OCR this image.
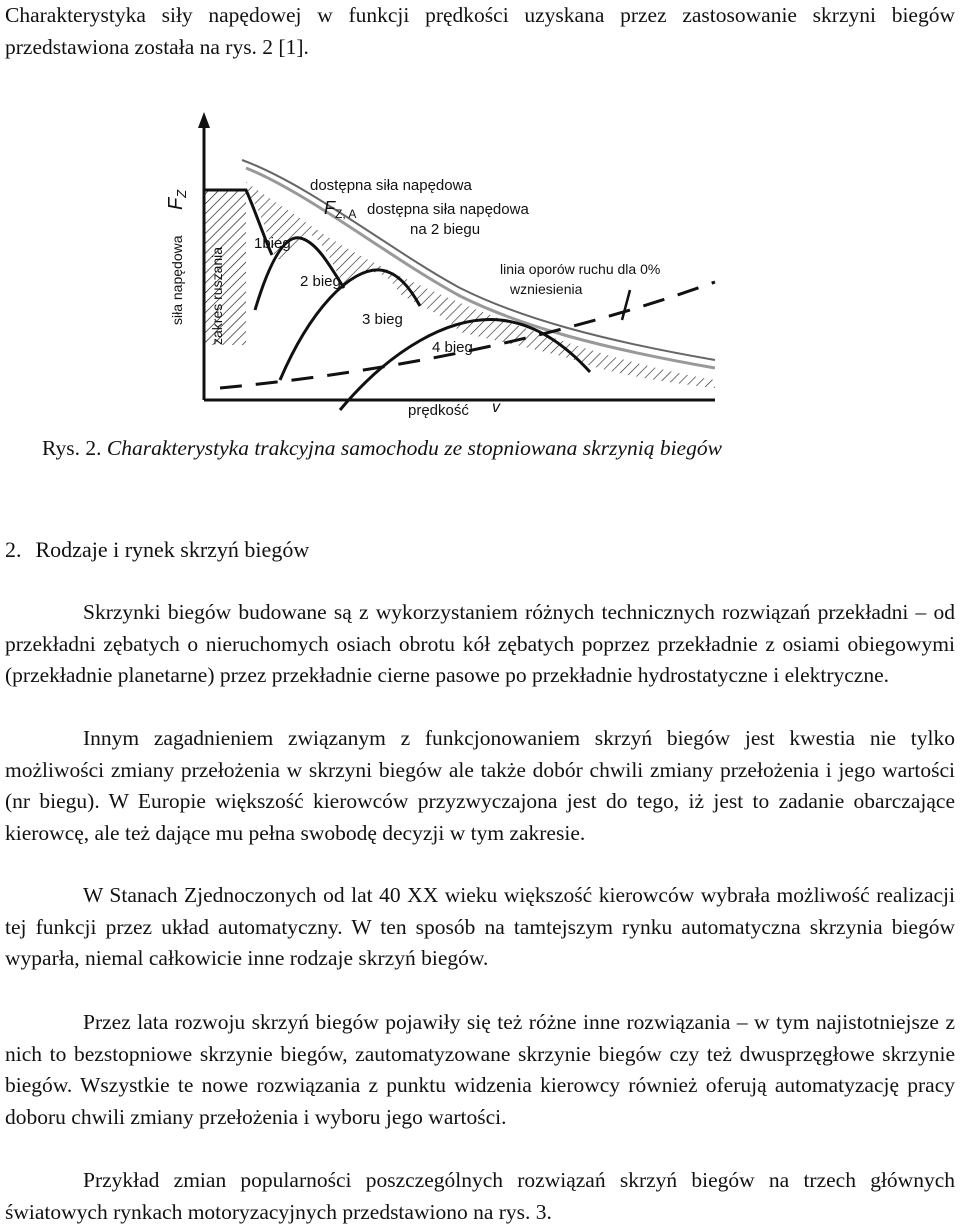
Charakterystyka siły napędowej w funkcji prędkości uzyskana przez zastosowanie skrzyni biegów przedstawiona została na rys. 2 [1].

$F_Z$
siła napędowa zakres ruszania
dostępna siła napędowa
$F_{Z, A}$ dostępna siła napędowa
na 2 biegu
linia oporów ruchu dla 0%
wzniesienia
1bieg
2 bieg
3 bieg
4 bieg
prędkość v

Rys. 2. Charakterystyka trakcyjna samochodu ze stopniowana skrzynią biegów

2. Rodzaje i rynek skrzyń biegów

Skrzynki biegów budowane są z wykorzystaniem różnych technicznych rozwiązań przekładni – od przekładni zębatych o nieruchomych osiach obrotu kół zębatych poprzez przekładnie z osiami obiegowymi (przekładnie planetarne) przez przekładnie cierne pasowe po przekładnie hydrostatyczne i elektryczne.

Innym zagadnieniem związanym z funkcjonowaniem skrzyń biegów jest kwestia nie tylko możliwości zmiany przełożenia w skrzyni biegów ale także dobór chwili zmiany przełożenia i jego wartości (nr biegu). W Europie większość kierowców przyzwyczajona jest do tego, iż jest to zadanie obarczające kierowcę, ale też dające mu pełna swobodę decyzji w tym zakresie.

W Stanach Zjednoczonych od lat 40 XX wieku większość kierowców wybrała możliwość realizacji tej funkcji przez układ automatyczny. W ten sposób na tamtejszym rynku automatyczna skrzynia biegów wyparła, niemal całkowicie inne rodzaje skrzyń biegów.

Przez lata rozwoju skrzyń biegów pojawiły się też różne inne rozwiązania – w tym najistotniejsze z nich to bezstopniowe skrzynie biegów, zautomatyzowane skrzynie biegów czy też dwusprzęgłowe skrzynie biegów. Wszystkie te nowe rozwiązania z punktu widzenia kierowcy również oferują automatyzację pracy doboru chwili zmiany przełożenia i wyboru jego wartości.

Przykład zmian popularności poszczególnych rozwiązań skrzyń biegów na trzech głównych światowych rynkach motoryzacyjnych przedstawiono na rys. 3.
